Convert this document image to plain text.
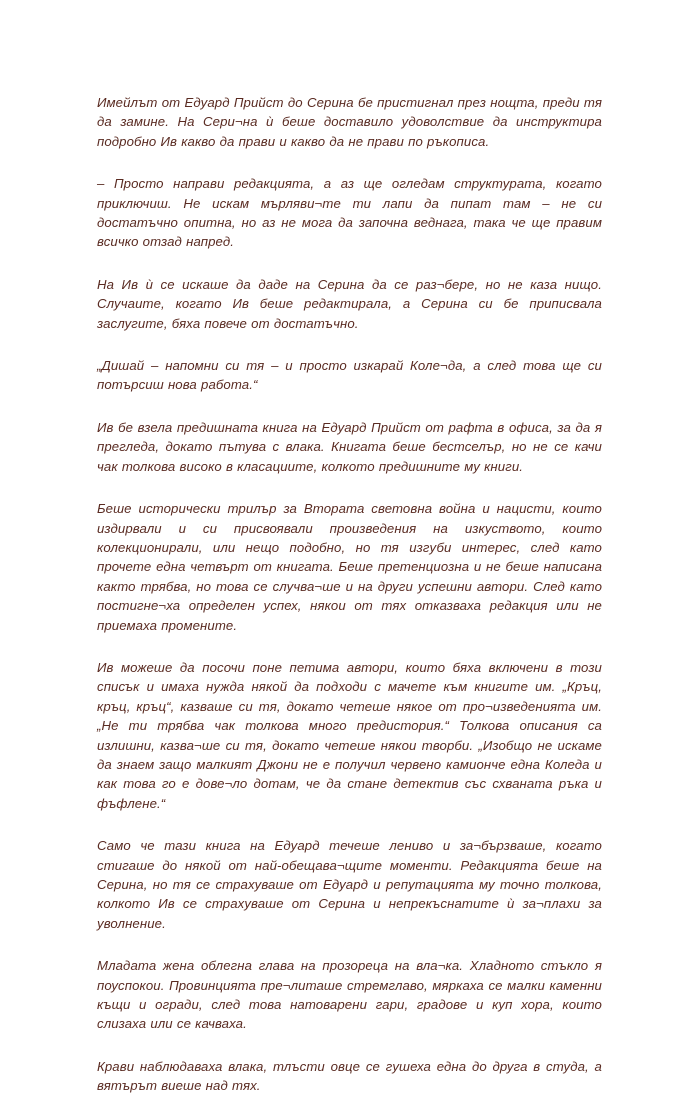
Имейлът от Едуард Прийст до Серина бе пристигнал през нощта, преди тя да замине. На Сери¬на ѝ беше доставило удоволствие да инструктира подробно Ив какво да прави и какво да не прави по ръкописа.

– Просто направи редакцията, а аз ще огледам структурата, когато приключиш. Не искам мърляви¬те ти лапи да пипат там – не си достатъчно опитна, но аз не мога да започна веднага, така че ще правим всичко отзад напред.

На Ив ѝ се искаше да даде на Серина да се раз¬бере, но не каза нищо. Случаите, когато Ив беше редактирала, а Серина си бе приписвала заслугите, бяха повече от достатъчно.

„Дишай – напомни си тя – и просто изкарай Коле¬да, а след това ще си потърсиш нова работа.“

Ив бе взела предишната книга на Едуард Прийст от рафта в офиса, за да я прегледа, докато пътува с влака. Книгата беше бестселър, но не се качи чак толкова високо в класациите, колкото предишните му книги.

Беше исторически трилър за Втората световна война и нацисти, които издирвали и си присвоявали произведения на изкуството, които колекционирали, или нещо подобно, но тя изгуби интерес, след като прочете една четвърт от книгата. Беше претенциозна и не беше написана както трябва, но това се случва¬ше и на други успешни автори. След като постигне¬ха определен успех, някои от тях отказваха редакция или не приемаха промените.

Ив можеше да посочи поне петима автори, които бяха включени в този списък и имаха нужда някой да подходи с мачете към книгите им. „Кръц, кръц, кръц“, казваше си тя, докато четеше някое от про¬изведенията им. „Не ти трябва чак толкова много предистория.“ Толкова описания са излишни, казва¬ше си тя, докато четеше някои творби. „Изобщо не искаме да знаем защо малкият Джони не е получил червено камионче една Коледа и как това го е дове¬ло дотам, че да стане детектив със схваната ръка и фъфлене.“

Само че тази книга на Едуард течеше лениво и за¬бързваше, когато стигаше до някой от най-обещава¬щите моменти. Редакцията беше на Серина, но тя се страхуваше от Едуард и репутацията му точно толкова, колкото Ив се страхуваше от Серина и непрекъснатите ѝ за¬плахи за уволнение.

Младата жена облегна глава на прозореца на вла¬ка. Хладното стъкло я поуспокои. Провинцията пре¬литаше стремглаво, мяркаха се малки каменни къщи и огради, след това натоварени гари, градове и куп хора, които слизаха или се качваха.

Крави наблюдаваха влака, тлъсти овце се гушеха една до друга в студа, а вятърът виеше над тях.
